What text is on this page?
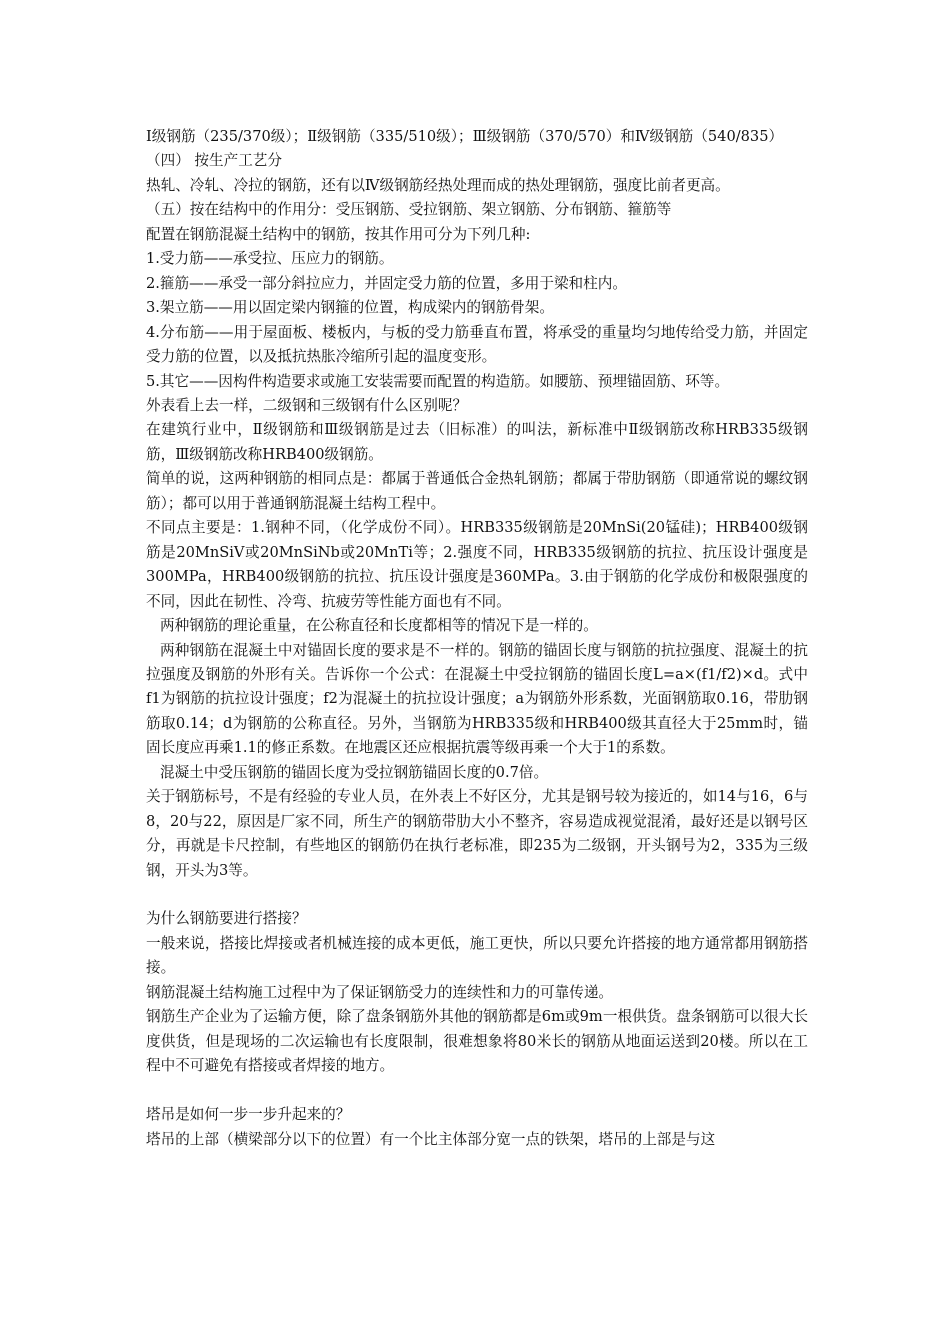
Ⅰ级钢筋（235/370级）；Ⅱ级钢筋（335/510级）；Ⅲ级钢筋（370/570）和Ⅳ级钢筋（540/835）

（四） 按生产工艺分

热轧、冷轧、冷拉的钢筋，还有以Ⅳ级钢筋经热处理而成的热处理钢筋，强度比前者更高。

（五）按在结构中的作用分：受压钢筋、受拉钢筋、架立钢筋、分布钢筋、箍筋等

配置在钢筋混凝土结构中的钢筋，按其作用可分为下列几种:

1.受力筋——承受拉、压应力的钢筋。

2.箍筋——承受一部分斜拉应力，并固定受力筋的位置，多用于梁和柱内。

3.架立筋——用以固定梁内钢箍的位置，构成梁内的钢筋骨架。

4.分布筋——用于屋面板、楼板内，与板的受力筋垂直布置，将承受的重量均匀地传给受力筋，并固定受力筋的位置，以及抵抗热胀冷缩所引起的温度变形。

5.其它——因构件构造要求或施工安装需要而配置的构造筋。如腰筋、预埋锚固筋、环等。

外表看上去一样，二级钢和三级钢有什么区别呢？

在建筑行业中，Ⅱ级钢筋和Ⅲ级钢筋是过去（旧标准）的叫法，新标准中Ⅱ级钢筋改称HRB335级钢筋，Ⅲ级钢筋改称HRB400级钢筋。

简单的说，这两种钢筋的相同点是：都属于普通低合金热轧钢筋；都属于带肋钢筋（即通常说的螺纹钢筋）；都可以用于普通钢筋混凝土结构工程中。

不同点主要是：1.钢种不同，（化学成份不同）。HRB335级钢筋是20MnSi(20锰硅)；HRB400级钢筋是20MnSiV或20MnSiNb或20MnTi等；2.强度不同，HRB335级钢筋的抗拉、抗压设计强度是300MPa，HRB400级钢筋的抗拉、抗压设计强度是360MPa。3.由于钢筋的化学成份和极限强度的不同，因此在韧性、冷弯、抗疲劳等性能方面也有不同。

两种钢筋的理论重量，在公称直径和长度都相等的情况下是一样的。

两种钢筋在混凝土中对锚固长度的要求是不一样的。钢筋的锚固长度与钢筋的抗拉强度、混凝土的抗拉强度及钢筋的外形有关。告诉你一个公式：在混凝土中受拉钢筋的锚固长度L=a×(f1/f2)×d。式中f1为钢筋的抗拉设计强度；f2为混凝土的抗拉设计强度；a为钢筋外形系数，光面钢筋取0.16，带肋钢筋取0.14；d为钢筋的公称直径。另外，当钢筋为HRB335级和HRB400级其直径大于25mm时，锚固长度应再乘1.1的修正系数。在地震区还应根据抗震等级再乘一个大于1的系数。

混凝土中受压钢筋的锚固长度为受拉钢筋锚固长度的0.7倍。

关于钢筋标号，不是有经验的专业人员，在外表上不好区分，尤其是钢号较为接近的，如14与16，6与8，20与22，原因是厂家不同，所生产的钢筋带肋大小不整齐，容易造成视觉混淆，最好还是以钢号区分，再就是卡尺控制，有些地区的钢筋仍在执行老标准，即235为二级钢，开头钢号为2，335为三级钢，开头为3等。

为什么钢筋要进行搭接？

一般来说，搭接比焊接或者机械连接的成本更低，施工更快，所以只要允许搭接的地方通常都用钢筋搭接。

钢筋混凝土结构施工过程中为了保证钢筋受力的连续性和力的可靠传递。

钢筋生产企业为了运输方便，除了盘条钢筋外其他的钢筋都是6m或9m一根供货。盘条钢筋可以很大长度供货，但是现场的二次运输也有长度限制，很难想象将80米长的钢筋从地面运送到20楼。所以在工程中不可避免有搭接或者焊接的地方。

塔吊是如何一步一步升起来的？

塔吊的上部（横梁部分以下的位置）有一个比主体部分宽一点的铁架，塔吊的上部是与这
